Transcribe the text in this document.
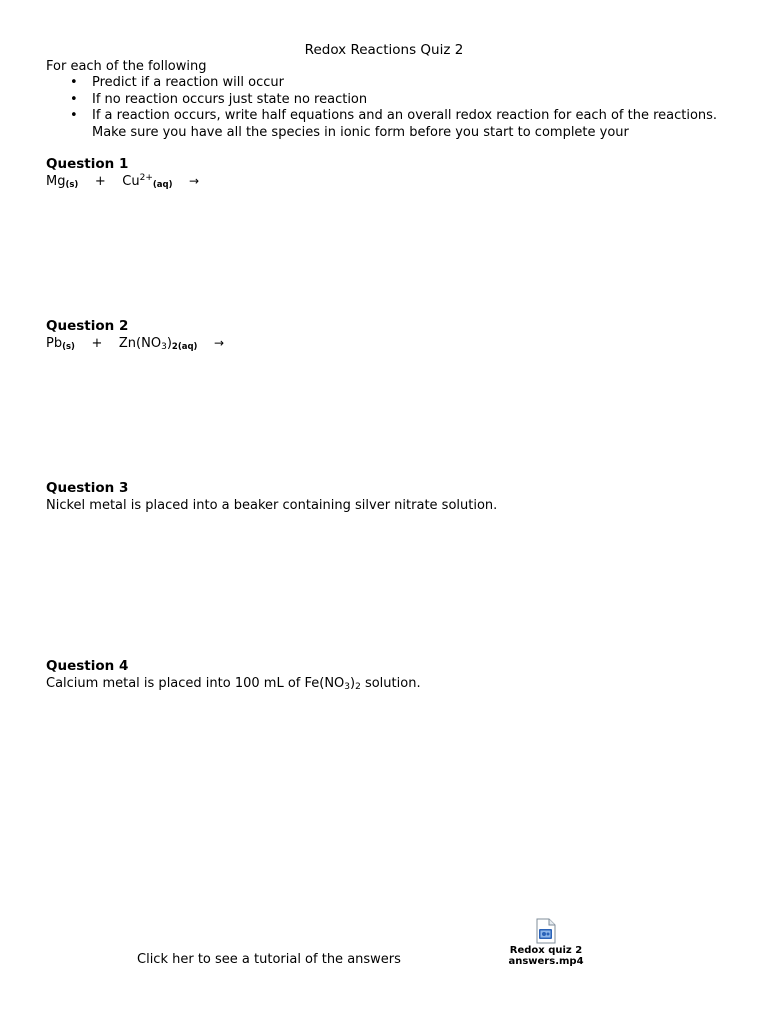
Redox Reactions Quiz 2

For each of the following

• Predict if a reaction will occur
• If no reaction occurs just state no reaction
• If a reaction occurs, write half equations and an overall redox reaction for each of the reactions. Make sure you have all the species in ionic form before you start to complete your

Question 1

$Mg_{(s)} + Cu^{2+}_{(aq)}$ →

Question 2

$Pb_{(s)} + Zn(NO_3)_{2(aq)}$ →

Question 3

Nickel metal is placed into a beaker containing silver nitrate solution.

Question 4

Calcium metal is placed into 100 mL of $Fe(NO_3)_2$ solution.

Click her to see a tutorial of the answers
Redox quiz 2 answers.mp4
